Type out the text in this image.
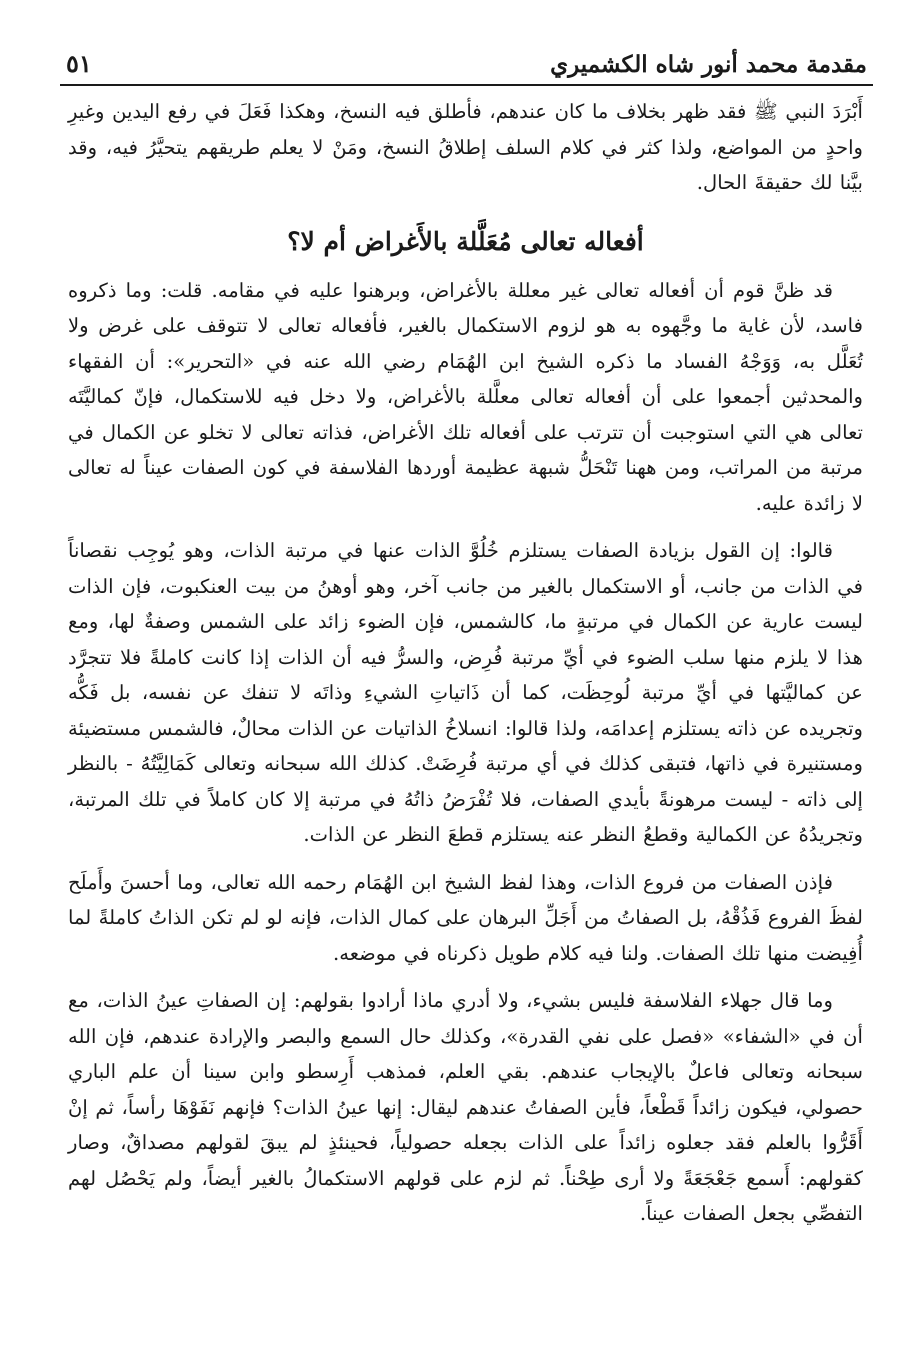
مقدمة محمد أنور شاه الكشميري
٥١

أَبْرَدَ النبي ﷺ فقد ظهر بخلاف ما كان عندهم، فأطلق فيه النسخ، وهكذا فَعَلَ في رفع اليدين وغيرِ واحدٍ من المواضع، ولذا كثر في كلام السلف إطلاقُ النسخ، ومَنْ لا يعلم طريقهم يتحيَّرُ فيه، وقد بيَّنا لك حقيقةَ الحال.

أفعاله تعالى مُعَلَّلة بالأَغراض أم لا؟

قد ظنَّ قوم أن أفعاله تعالى غير معللة بالأغراض، وبرهنوا عليه في مقامه. قلت: وما ذكروه فاسد، لأن غاية ما وجَّهوه به هو لزوم الاستكمال بالغير، فأفعاله تعالى لا تتوقف على غرض ولا تُعَلَّل به، وَوَجْهُ الفساد ما ذكره الشيخ ابن الهُمَام رضي الله عنه في «التحرير»: أن الفقهاء والمحدثين أجمعوا على أن أفعاله تعالى معلَّلة بالأغراض، ولا دخل فيه للاستكمال، فإنّ كماليَّتَه تعالى هي التي استوجبت أن تترتب على أفعاله تلك الأغراض، فذاته تعالى لا تخلو عن الكمال في مرتبة من المراتب، ومن ههنا تَنْحَلُّ شبهة عظيمة أوردها الفلاسفة في كون الصفات عيناً له تعالى لا زائدة عليه.

قالوا: إن القول بزيادة الصفات يستلزم خُلُوَّ الذات عنها في مرتبة الذات، وهو يُوجِب نقصاناً في الذات من جانب، أو الاستكمال بالغير من جانب آخر، وهو أوهنُ من بيت العنكبوت، فإن الذات ليست عارية عن الكمال في مرتبةٍ ما، كالشمس، فإن الضوء زائد على الشمس وصفةٌ لها، ومع هذا لا يلزم منها سلب الضوء في أيِّ مرتبة فُرِض، والسرُّ فيه أن الذات إذا كانت كاملةً فلا تتجرَّد عن كماليَّتها في أيِّ مرتبة لُوحِظَت، كما أن ذَاتياتِ الشيءِ وذاتَه لا تنفك عن نفسه، بل فَكُّه وتجريده عن ذاته يستلزم إعدامَه، ولذا قالوا: انسلاخُ الذاتيات عن الذات محالٌ، فالشمس مستضيئة ومستنيرة في ذاتها، فتبقى كذلك في أي مرتبة فُرِضَتْ. كذلك الله سبحانه وتعالى كَمَالِيَّتُهُ - بالنظر إلى ذاته - ليست مرهونةً بأيدي الصفات، فلا تُفْرَضُ ذاتُهُ في مرتبة إلا كان كاملاً في تلك المرتبة، وتجريدُهُ عن الكمالية وقطعُ النظر عنه يستلزم قطعَ النظر عن الذات.

فإذن الصفات من فروع الذات، وهذا لفظ الشيخ ابن الهُمَام رحمه الله تعالى، وما أحسنَ وأَملَح لفظَ الفروع فَذُقْهُ، بل الصفاتُ من أَجَلِّ البرهان على كمال الذات، فإنه لو لم تكن الذاتُ كاملةً لما أُفِيضت منها تلك الصفات. ولنا فيه كلام طويل ذكرناه في موضعه.

وما قال جهلاء الفلاسفة فليس بشيء، ولا أدري ماذا أرادوا بقولهم: إن الصفاتِ عينُ الذات، مع أن في «الشفاء» «فصل على نفي القدرة»، وكذلك حال السمع والبصر والإرادة عندهم، فإن الله سبحانه وتعالى فاعلٌ بالإيجاب عندهم. بقي العلم، فمذهب أَرِسطو وابن سينا أن علم الباري حصولي، فيكون زائداً قَطْعاً، فأين الصفاتُ عندهم ليقال: إنها عينُ الذات؟ فإنهم نَفَوْهَا رأساً، ثم إنْ أَقَرُّوا بالعلم فقد جعلوه زائداً على الذات بجعله حصولياً، فحينئذٍ لم يبقَ لقولهم مصداقٌ، وصار كقولهم: أَسمع جَعْجَعَةً ولا أرى طِحْناً. ثم لزم على قولهم الاستكمالُ بالغير أيضاً، ولم يَحْصُل لهم التفصِّي بجعل الصفات عيناً.
